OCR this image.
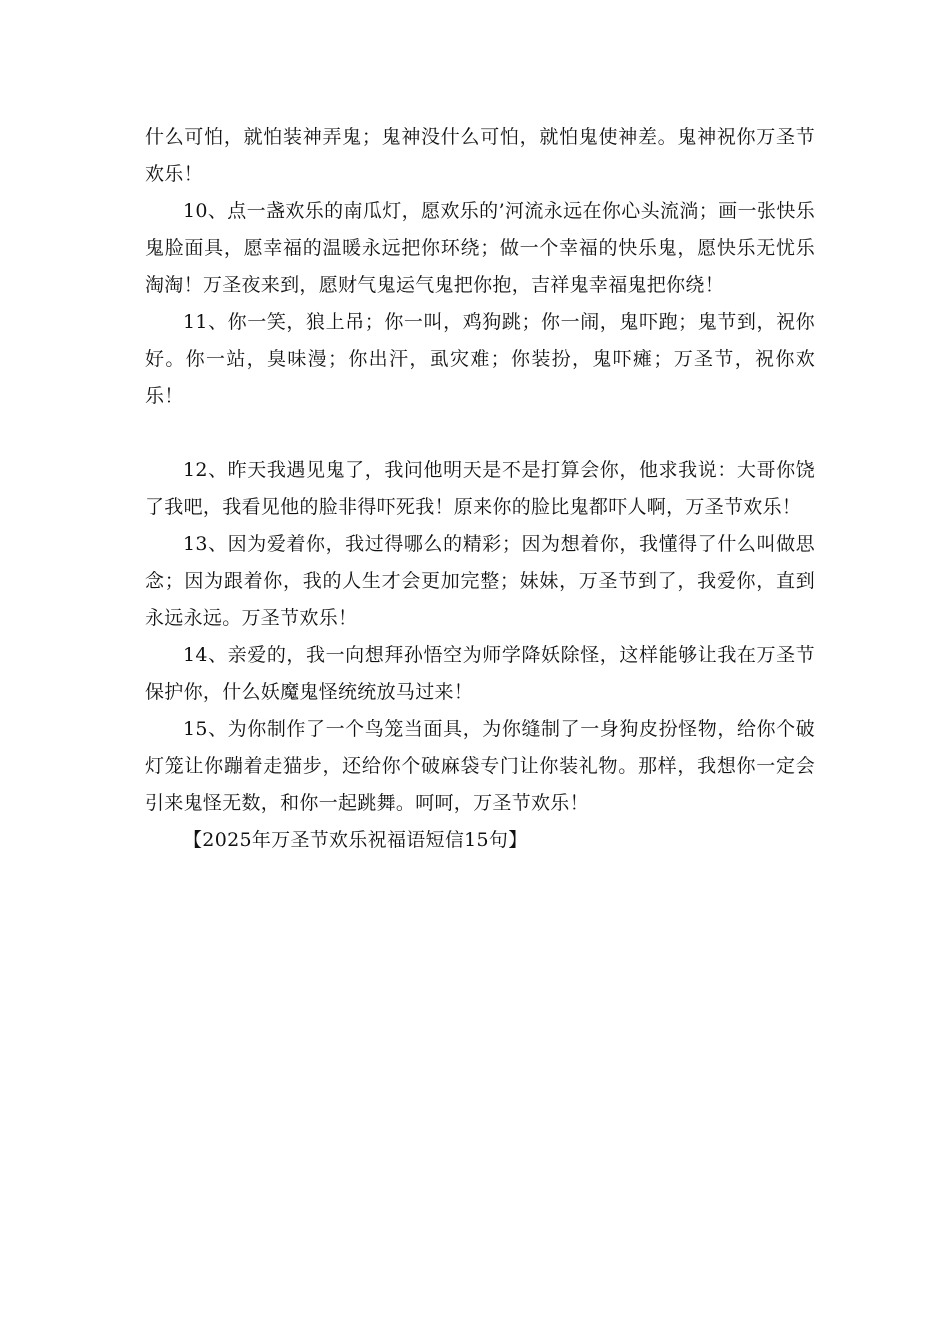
什么可怕，就怕装神弄鬼；鬼神没什么可怕，就怕鬼使神差。鬼神祝你万圣节欢乐！

10、点一盏欢乐的南瓜灯，愿欢乐的’河流永远在你心头流淌；画一张快乐鬼脸面具，愿幸福的温暖永远把你环绕；做一个幸福的快乐鬼，愿快乐无忧乐淘淘！万圣夜来到，愿财气鬼运气鬼把你抱，吉祥鬼幸福鬼把你绕！

11、你一笑，狼上吊；你一叫，鸡狗跳；你一闹，鬼吓跑；鬼节到，祝你好。你一站，臭味漫；你出汗，虱灾难；你装扮，鬼吓瘫；万圣节，祝你欢乐！

12、昨天我遇见鬼了，我问他明天是不是打算会你，他求我说：大哥你饶了我吧，我看见他的脸非得吓死我！原来你的脸比鬼都吓人啊，万圣节欢乐！

13、因为爱着你，我过得哪么的精彩；因为想着你，我懂得了什么叫做思念；因为跟着你，我的人生才会更加完整；妹妹，万圣节到了，我爱你，直到永远永远。万圣节欢乐！

14、亲爱的，我一向想拜孙悟空为师学降妖除怪，这样能够让我在万圣节保护你，什么妖魔鬼怪统统放马过来！

15、为你制作了一个鸟笼当面具，为你缝制了一身狗皮扮怪物，给你个破灯笼让你蹦着走猫步，还给你个破麻袋专门让你装礼物。那样，我想你一定会引来鬼怪无数，和你一起跳舞。呵呵，万圣节欢乐！

【2025年万圣节欢乐祝福语短信15句】
